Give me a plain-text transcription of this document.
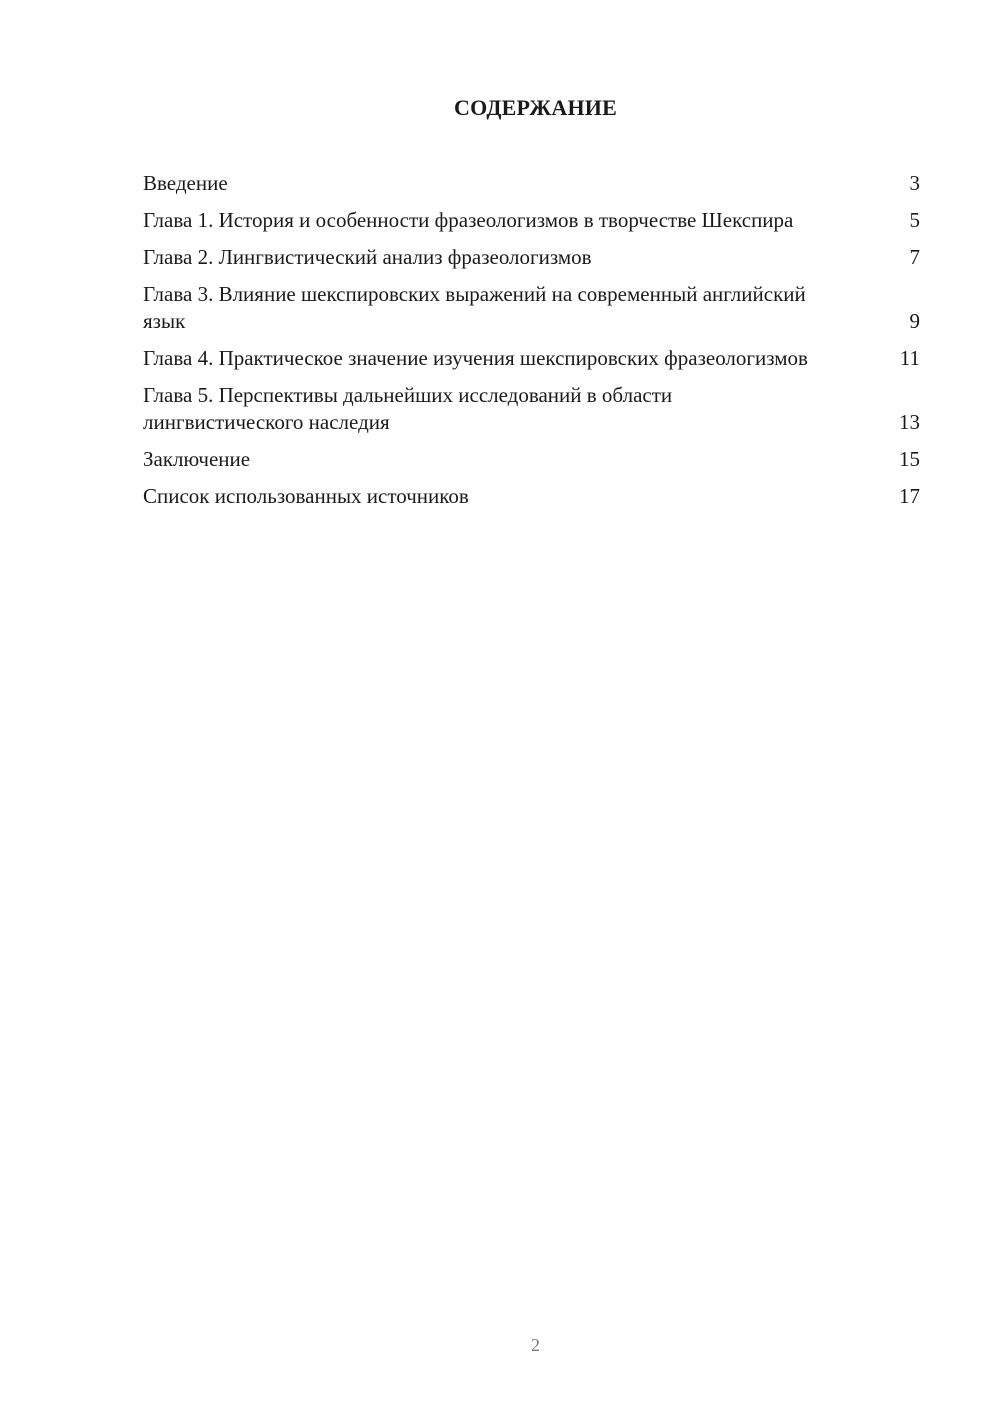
СОДЕРЖАНИЕ
Введение	3
Глава 1. История и особенности фразеологизмов в творчестве Шекспира	5
Глава 2. Лингвистический анализ фразеологизмов	7
Глава 3. Влияние шекспировских выражений на современный английский язык	9
Глава 4. Практическое значение изучения шекспировских фразеологизмов	11
Глава 5. Перспективы дальнейших исследований в области лингвистического наследия	13
Заключение	15
Список использованных источников	17
2
